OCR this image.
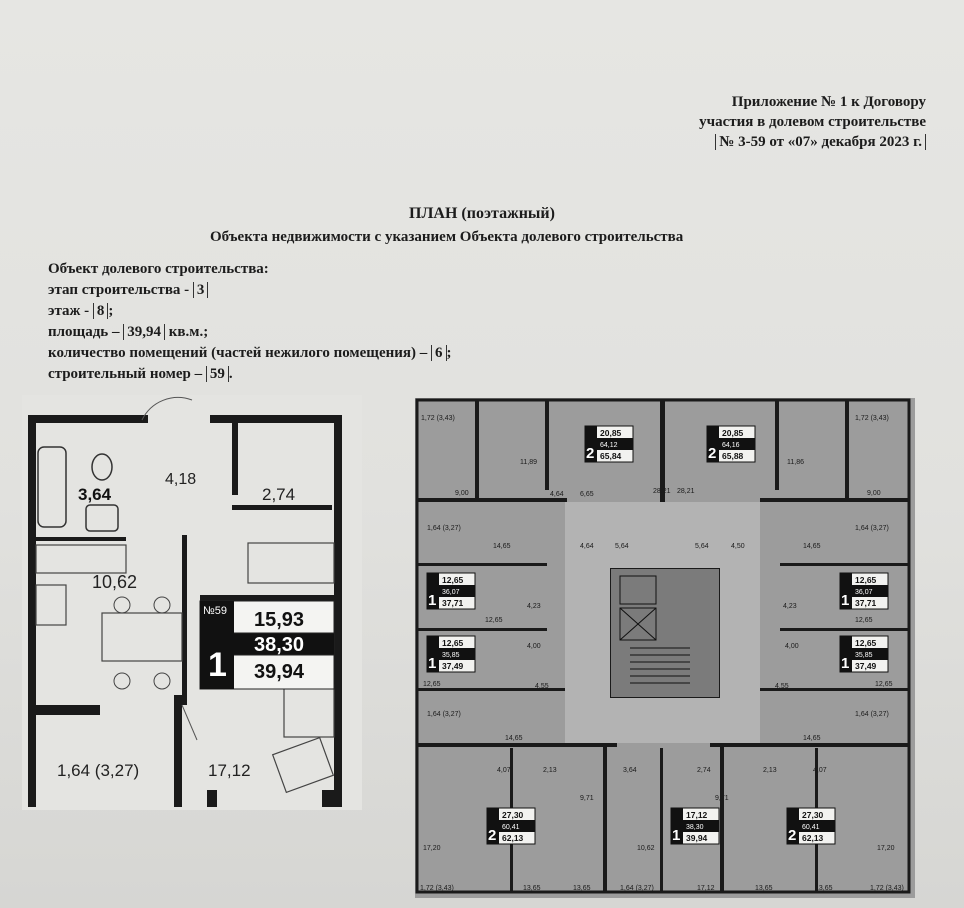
Приложение № 1 к Договору
участия в долевом строительстве
№ 3-59 от «07» декабря 2023 г.
ПЛАН (поэтажный)
Объекта недвижимости с указанием Объекта долевого строительства
Объект долевого строительства:
этап строительства - 3
этаж - 8 ;
площадь – 39,94 кв.м.;
количество помещений (частей нежилого помещения) – 6 ;
строительный номер – 59 .
№59
1
15,93
38,30
39,94
4,18
3,64	2,74
10,62
1,64 (3,27)	17,12
2
20,85
64,12
65,84	2
20,85
64,16
65,88
1
12,65
36,07
37,71	1
12,65
36,07
37,71
1
12,65
35,85
37,49	1
12,65
35,85
37,49
2
27,30
60,41
62,13	1
17,12
38,30
39,94	2
27,30
60,41
62,13
1,72 (3,43)
11,89
4,64	28,21 28,21
11,86
1,72 (3,43)
9,00	6,65	9,00
1,64 (3,27)
14,65	4,64	5,64	5,64	4,50	14,65
1,64 (3,27)
4,23
12,65
4,23
12,65
4,00	4,00
4,55
12,65	4,55	12,65
1,64 (3,27)
14,65	14,65
1,64 (3,27)
4,07	2,13	3,64	2,74	2,13	4,07
9,71	9,71
17,20	10,62	17,20
1,72 (3,43)	13,65	13,65	1,64 (3,27)	17,12	13,65	13,65	1,72 (3,43)
